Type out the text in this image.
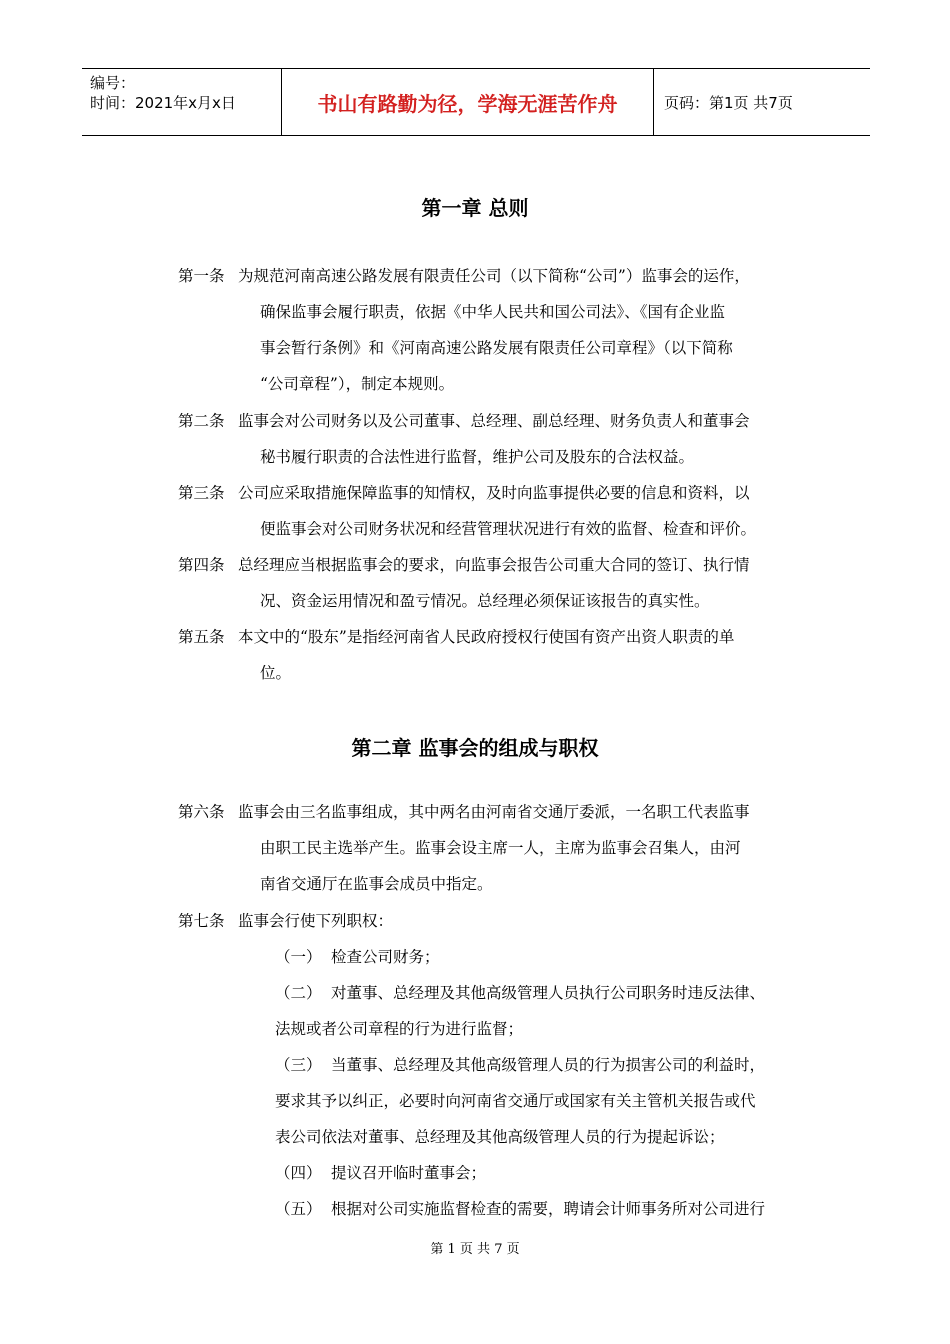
编号：
时间：2021年x月x日	书山有路勤为径，学海无涯苦作舟	页码：第1页 共7页
第一章 总则
第一条 为规范河南高速公路发展有限责任公司（以下简称“公司”）监事会的运作，
确保监事会履行职责，依据《中华人民共和国公司法》、《国有企业监
事会暂行条例》和《河南高速公路发展有限责任公司章程》（以下简称
“公司章程”），制定本规则。
第二条 监事会对公司财务以及公司董事、总经理、副总经理、财务负责人和董事会
秘书履行职责的合法性进行监督，维护公司及股东的合法权益。
第三条 公司应采取措施保障监事的知情权，及时向监事提供必要的信息和资料，以
便监事会对公司财务状况和经营管理状况进行有效的监督、检查和评价。
第四条 总经理应当根据监事会的要求，向监事会报告公司重大合同的签订、执行情
况、资金运用情况和盈亏情况。总经理必须保证该报告的真实性。
第五条 本文中的“股东”是指经河南省人民政府授权行使国有资产出资人职责的单
位。
第二章 监事会的组成与职权
第六条 监事会由三名监事组成，其中两名由河南省交通厅委派，一名职工代表监事
由职工民主选举产生。监事会设主席一人，主席为监事会召集人，由河
南省交通厅在监事会成员中指定。
第七条 监事会行使下列职权：
（一） 检查公司财务；
（二） 对董事、总经理及其他高级管理人员执行公司职务时违反法律、
法规或者公司章程的行为进行监督；
（三） 当董事、总经理及其他高级管理人员的行为损害公司的利益时，
要求其予以纠正，必要时向河南省交通厅或国家有关主管机关报告或代
表公司依法对董事、总经理及其他高级管理人员的行为提起诉讼；
（四） 提议召开临时董事会；
（五） 根据对公司实施监督检查的需要，聘请会计师事务所对公司进行
第 1 页 共 7 页
